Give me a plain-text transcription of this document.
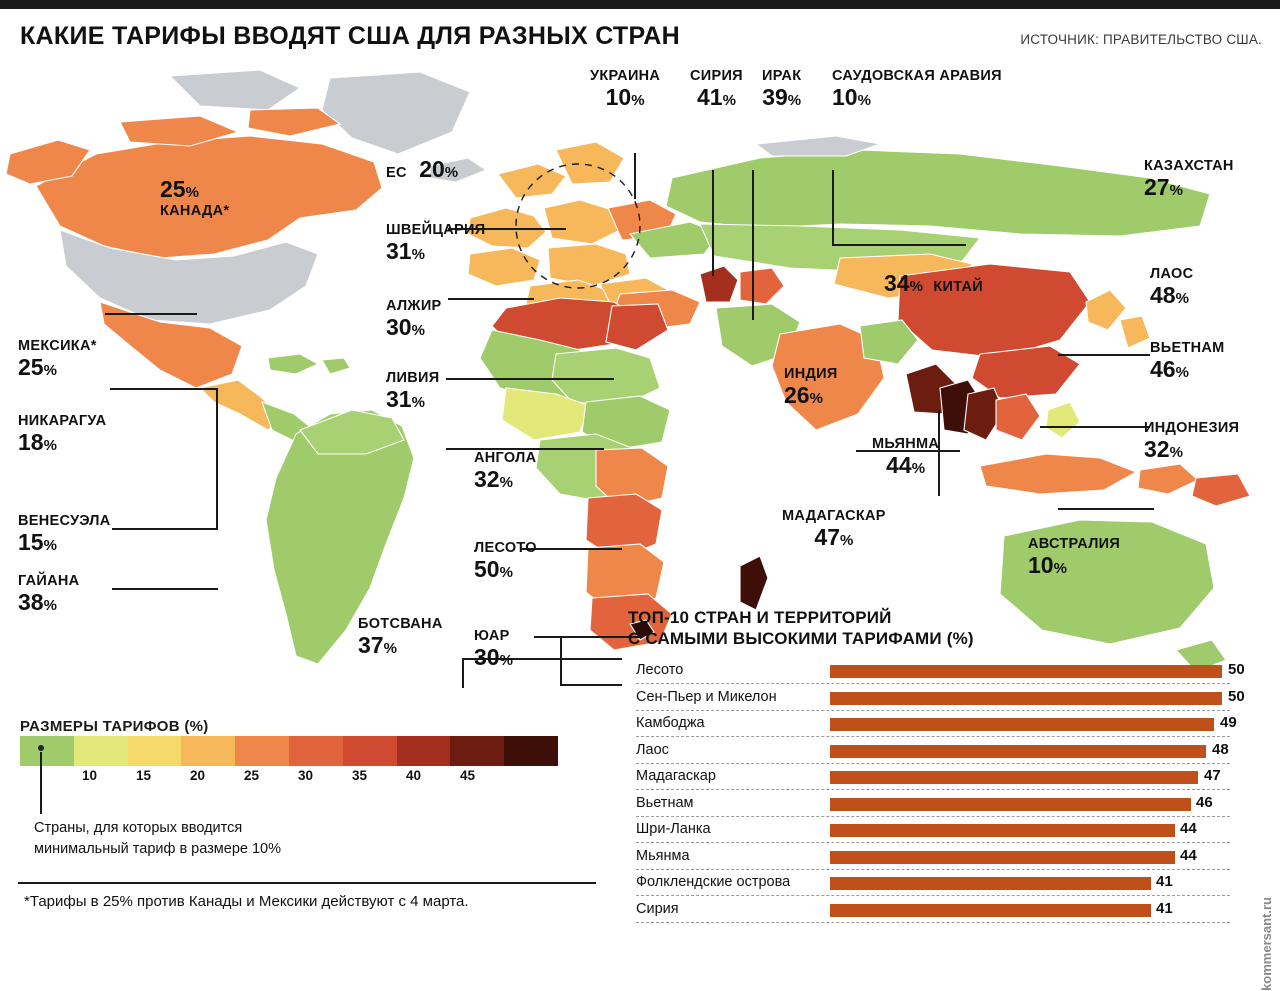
КАКИЕ ТАРИФЫ ВВОДЯТ США ДЛЯ РАЗНЫХ СТРАН	ИСТОЧНИК: ПРАВИТЕЛЬСТВО США.
25%
КАНАДА*
МЕКСИКА*
25%
НИКАРАГУА
18%
ВЕНЕСУЭЛА
15%
ГАЙАНА
38%
ЕС 20%
ШВЕЙЦАРИЯ
31%
АЛЖИР
30%
ЛИВИЯ
31%
УКРАИНА
10%
СИРИЯ
41%
ИРАК
39%
САУДОВСКАЯ АРАВИЯ
10%
КАЗАХСТАН
27%
34% КИТАЙ
ЛАОС
48%
ВЬЕТНАМ
46%
ИНДОНЕЗИЯ
32%
ИНДИЯ
26%
МЬЯНМА
44%
АНГОЛА
32%
ЛЕСОТО
50%
БОТСВАНА
37%
ЮАР
30%
МАДАГАСКАР
47%	АВСТРАЛИЯ
10%
РАЗМЕРЫ ТАРИФОВ (%)
10	15	20	25	30	35	40	45
Страны, для которых вводится
минимальный тариф в размере 10%
*Тарифы в 25% против Канады и Мексики действуют с 4 марта.
ТОП-10 СТРАН И ТЕРРИТОРИЙ
С САМЫМИ ВЫСОКИМИ ТАРИФАМИ (%)
Лесото	50
Сен-Пьер и Микелон	50
Камбоджа	49
Лаос	48
Мадагаскар	47
Вьетнам	46
Шри-Ланка	44
Мьянма	44
Фолклендские острова	41
Сирия	41	kommersant.ru
